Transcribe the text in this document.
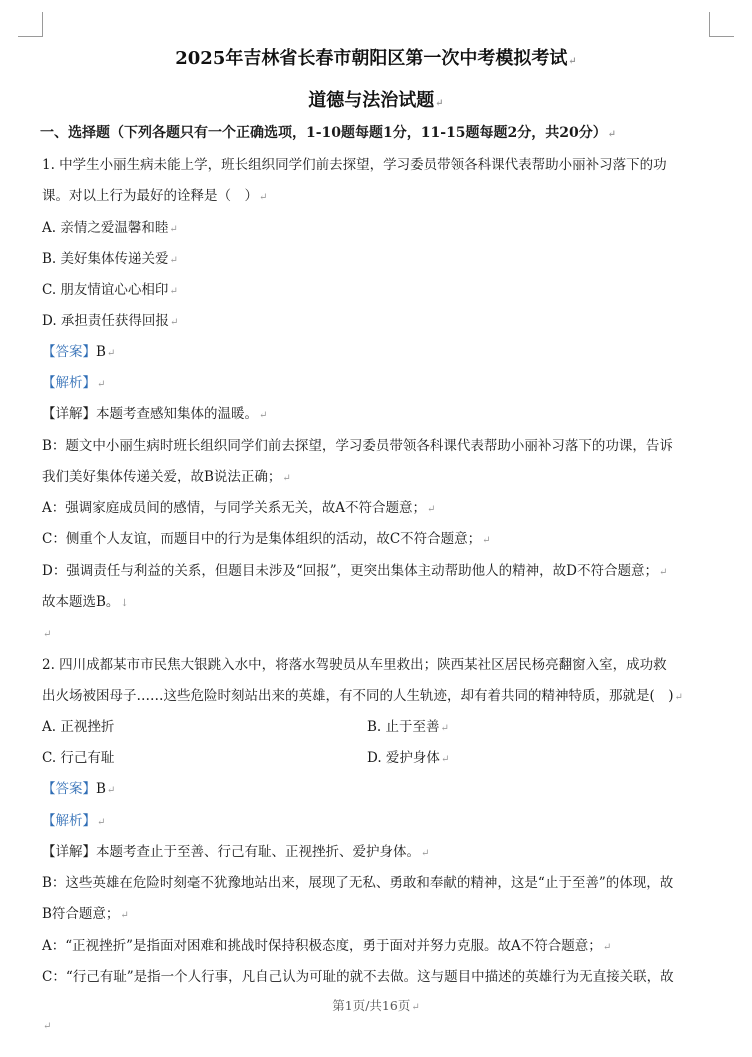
2025年吉林省长春市朝阳区第一次中考模拟考试↵
道德与法治试题↵
一、选择题（下列各题只有一个正确选项，1-10题每题1分，11-15题每题2分，共20分）↵
1. 中学生小丽生病未能上学，班长组织同学们前去探望，学习委员带领各科课代表帮助小丽补习落下的功
课。对以上行为最好的诠释是（　）↵
A. 亲情之爱温馨和睦↵
B. 美好集体传递关爱↵
C. 朋友情谊心心相印↵
D. 承担责任获得回报↵
【答案】B↵
【解析】↵
【详解】本题考查感知集体的温暖。↵
B：题文中小丽生病时班长组织同学们前去探望，学习委员带领各科课代表帮助小丽补习落下的功课，告诉
我们美好集体传递关爱，故B说法正确；↵
A：强调家庭成员间的感情，与同学关系无关，故A不符合题意；↵
C：侧重个人友谊，而题目中的行为是集体组织的活动，故C不符合题意；↵
D：强调责任与利益的关系，但题目未涉及“回报”，更突出集体主动帮助他人的精神，故D不符合题意；↵
故本题选B。↓
↵
2. 四川成都某市市民焦大银跳入水中，将落水驾驶员从车里救出；陕西某社区居民杨亮翻窗入室，成功救
出火场被困母子……这些危险时刻站出来的英雄，有不同的人生轨迹，却有着共同的精神特质，那就是(　)↵
A. 正视挫折	B. 止于至善↵
C. 行己有耻	D. 爱护身体↵
【答案】B↵
【解析】↵
【详解】本题考查止于至善、行己有耻、正视挫折、爱护身体。↵
B：这些英雄在危险时刻毫不犹豫地站出来，展现了无私、勇敢和奉献的精神，这是“止于至善”的体现，故
B符合题意；↵
A：“正视挫折”是指面对困难和挑战时保持积极态度，勇于面对并努力克服。故A不符合题意；↵
C：“行己有耻”是指一个人行事，凡自己认为可耻的就不去做。这与题目中描述的英雄行为无直接关联，故
第1页/共16页↵
↵
